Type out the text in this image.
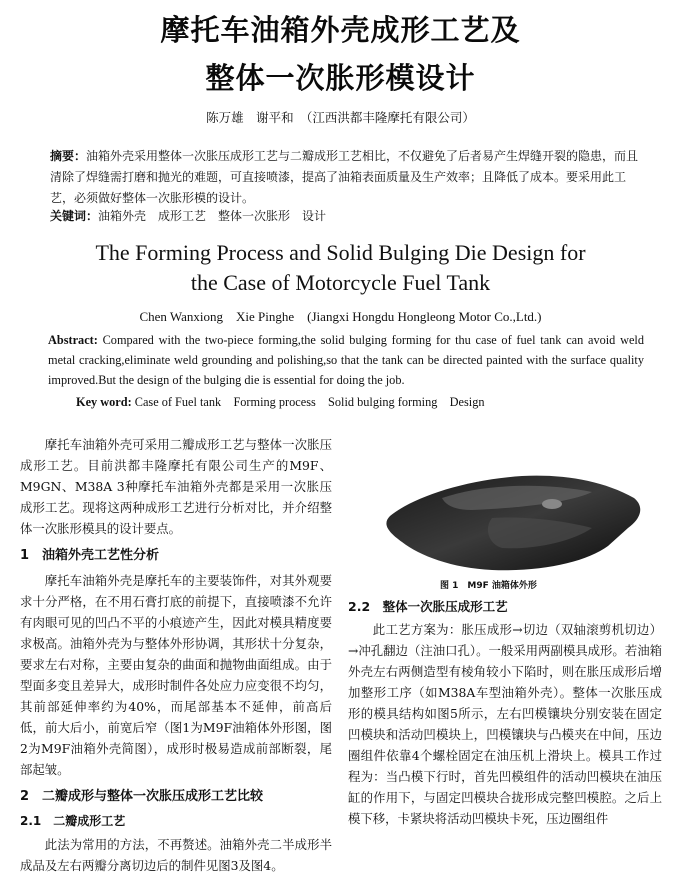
摩托车油箱外壳成形工艺及
整体一次胀形模设计
陈万雄　谢平和　（江西洪都丰隆摩托有限公司）
摘要：油箱外壳采用整体一次胀压成形工艺与二瓣成形工艺相比，不仅避免了后者易产生焊缝开裂的隐患，而且清除了焊缝需打磨和抛光的难题，可直接喷漆，提高了油箱表面质量及生产效率；且降低了成本。要采用此工艺，必须做好整体一次胀形模的设计。
关键词：油箱外壳　成形工艺　整体一次胀形　设计
The Forming Process and Solid Bulging Die Design for
the Case of Motorcycle Fuel Tank
Chen Wanxiong　Xie Pinghe　(Jiangxi Hongdu Hongleong Motor Co.,Ltd.)
Abstract: Compared with the two-piece forming,the solid bulging forming for thu case of fuel tank can avoid weld metal cracking,eliminate weld grounding and polishing,so that the tank can be directed painted with the surface quality improved.But the design of the bulging die is essential for doing the job.
Key word: Case of Fuel tank　Forming process　Solid bulging forming　Design

摩托车油箱外壳可采用二瓣成形工艺与整体一次胀压成形工艺。目前洪都丰隆摩托有限公司生产的M9F、M9GN、M38A 3种摩托车油箱外壳都是采用一次胀压成形工艺。现将这两种成形工艺进行分析对比，并介绍整体一次胀形模具的设计要点。

1　油箱外壳工艺性分析

摩托车油箱外壳是摩托车的主要装饰件，对其外观要求十分严格，在不用石膏打底的前提下，直接喷漆不允许有肉眼可见的凹凸不平的小痕迹产生，因此对模具精度要求极高。油箱外壳为与整体外形协调，其形状十分复杂，要求左右对称，主要由复杂的曲面和抛物曲面组成。由于型面多变且差异大，成形时制件各处应力应变很不均匀，其前部延伸率约为40%，而尾部基本不延伸，前高后低，前大后小，前宽后窄（图1为M9F油箱体外形图，图2为M9F油箱外壳简图），成形时极易造成前部断裂，尾部起皱。

2　二瓣成形与整体一次胀压成形工艺比较
2.1　二瓣成形工艺

此法为常用的方法，不再赘述。油箱外壳二半成形半成品及左右两瓣分离切边后的制件见图3及图4。

图 1　M9F 油箱体外形
2.2　整体一次胀压成形工艺

此工艺方案为：胀压成形→切边（双轴滚剪机切边）→冲孔翻边（注油口孔）。一般采用两副模具成形。若油箱外壳左右两侧造型有棱角较小下陷时，则在胀压成形后增加整形工序（如M38A车型油箱外壳）。整体一次胀压成形的模具结构如图5所示，左右凹模镶块分别安装在固定凹模块和活动凹模块上，凹模镶块与凸模夹在中间，压边圈组件依靠4个螺栓固定在油压机上滑块上。模具工作过程为：当凸模下行时，首先凹模组件的活动凹模块在油压缸的作用下，与固定凹模块合拢形成完整凹模腔。之后上模下移，卡紧块将活动凹模块卡死，压边圈组件
